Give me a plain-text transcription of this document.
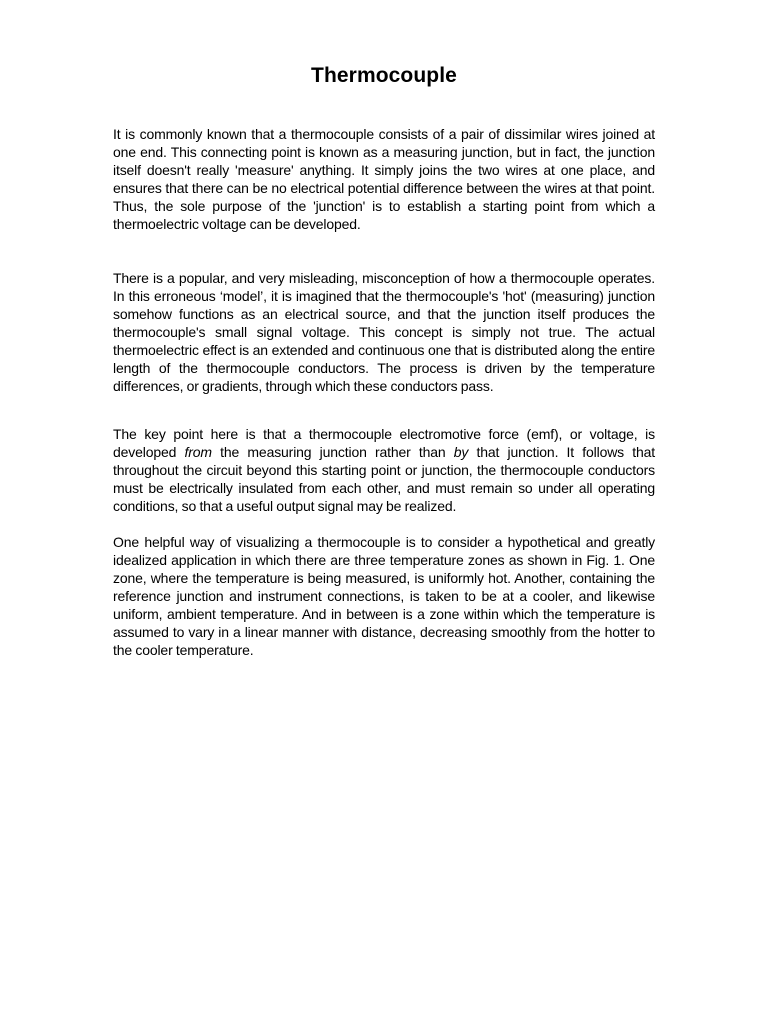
Thermocouple

It is commonly known that a thermocouple consists of a pair of dissimilar wires joined at one end. This connecting point is known as a measuring junction, but in fact, the junction itself doesn't really 'measure' anything. It simply joins the two wires at one place, and ensures that there can be no electrical potential difference between the wires at that point. Thus, the sole purpose of the 'junction' is to establish a starting point from which a thermoelectric voltage can be developed.

There is a popular, and very misleading, misconception of how a thermocouple operates. In this erroneous ‘model’, it is imagined that the thermocouple's 'hot' (measuring) junction somehow functions as an electrical source, and that the junction itself produces the thermocouple's small signal voltage. This concept is simply not true. The actual thermoelectric effect is an extended and continuous one that is distributed along the entire length of the thermocouple conductors. The process is driven by the temperature differences, or gradients, through which these conductors pass.

The key point here is that a thermocouple electromotive force (emf), or voltage, is developed from the measuring junction rather than by that junction. It follows that throughout the circuit beyond this starting point or junction, the thermocouple conductors must be electrically insulated from each other, and must remain so under all operating conditions, so that a useful output signal may be realized.

One helpful way of visualizing a thermocouple is to consider a hypothetical and greatly idealized application in which there are three temperature zones as shown in Fig. 1. One zone, where the temperature is being measured, is uniformly hot. Another, containing the reference junction and instrument connections, is taken to be at a cooler, and likewise uniform, ambient temperature. And in between is a zone within which the temperature is assumed to vary in a linear manner with distance, decreasing smoothly from the hotter to the cooler temperature.
